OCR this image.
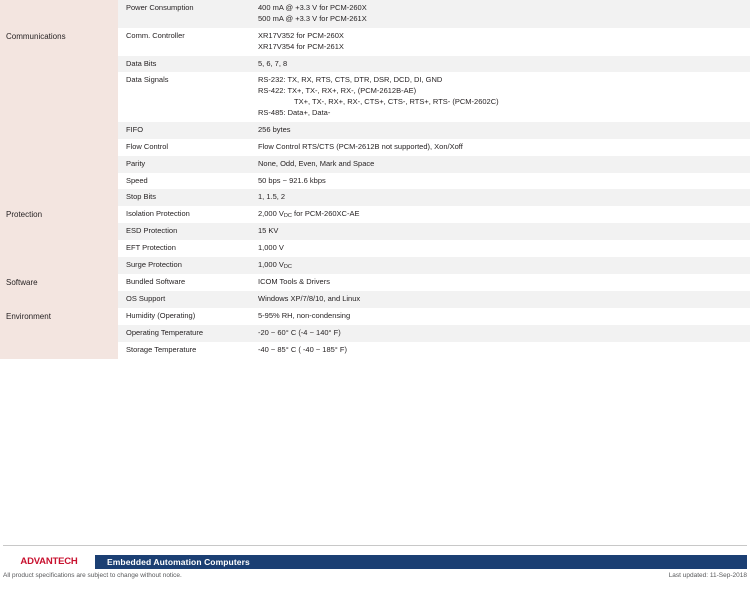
	Power Consumption	400 mA @ +3.3 V for PCM-260X
500 mA @ +3.3 V for PCM-261X

Communications	Comm. Controller	XR17V352 for PCM-260X
XR17V354 for PCM-261X

	Data Bits	5, 6, 7, 8

	Data Signals	RS-232: TX, RX, RTS, CTS, DTR, DSR, DCD, DI, GND
RS-422: TX+, TX-, RX+, RX-, (PCM-2612B-AE)
TX+, TX-, RX+, RX-, CTS+, CTS-, RTS+, RTS- (PCM-2602C)
RS-485: Data+, Data-

	FIFO	256 bytes

	Flow Control	Flow Control RTS/CTS (PCM-2612B not supported), Xon/Xoff

	Parity	None, Odd, Even, Mark and Space

	Speed	50 bps ~ 921.6 kbps

	Stop Bits	1, 1.5, 2

Protection	Isolation Protection	2,000 VDC for PCM-260XC-AE

	ESD Protection	15 KV

	EFT Protection	1,000 V

	Surge Protection	1,000 VDC

Software	Bundled Software	ICOM Tools & Drivers

	OS Support	Windows XP/7/8/10, and Linux

Environment	Humidity (Operating)	5-95% RH, non-condensing

	Operating Temperature	-20 ~ 60° C (-4 ~ 140° F)

	Storage Temperature	-40 ~ 85° C ( -40 ~ 185° F)
ADVANTECH	Embedded Automation Computers
All product specifications are subject to change without notice.	Last updated: 11-Sep-2018
